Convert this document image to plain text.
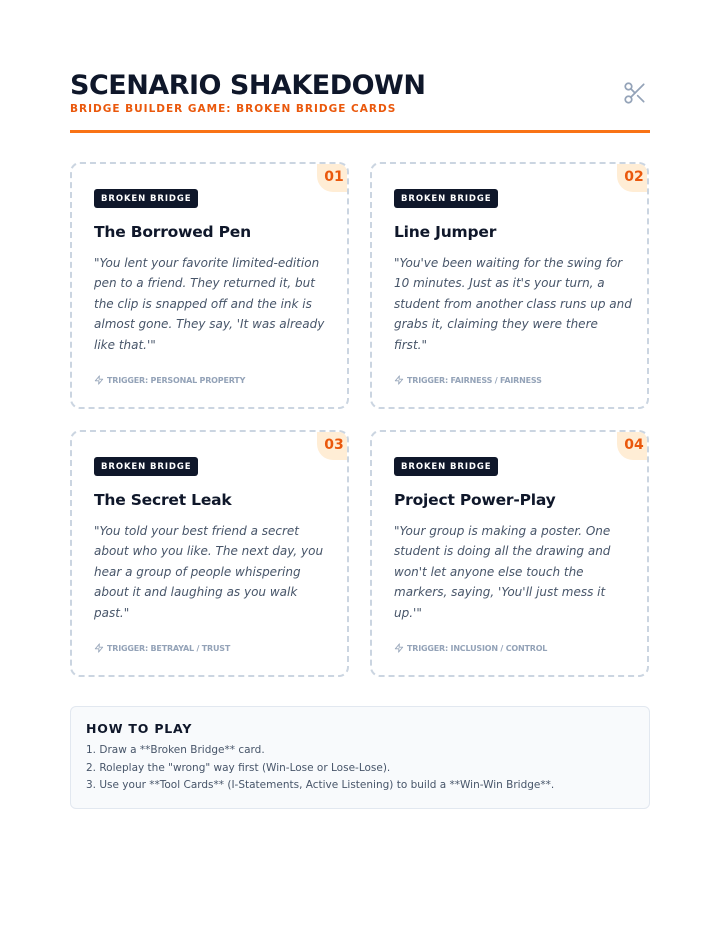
SCENARIO SHAKEDOWN
BRIDGE BUILDER GAME: BROKEN BRIDGE CARDS
01
BROKEN BRIDGE
The Borrowed Pen
"You lent your favorite limited-edition pen to a friend. They returned it, but the clip is snapped off and the ink is almost gone. They say, 'It was already like that.'"
TRIGGER: PERSONAL PROPERTY
02
BROKEN BRIDGE
Line Jumper
"You've been waiting for the swing for 10 minutes. Just as it's your turn, a student from another class runs up and grabs it, claiming they were there first."
TRIGGER: FAIRNESS / FAIRNESS
03
BROKEN BRIDGE
The Secret Leak
"You told your best friend a secret about who you like. The next day, you hear a group of people whispering about it and laughing as you walk past."
TRIGGER: BETRAYAL / TRUST
04
BROKEN BRIDGE
Project Power-Play
"Your group is making a poster. One student is doing all the drawing and won't let anyone else touch the markers, saying, 'You'll just mess it up.'"
TRIGGER: INCLUSION / CONTROL
HOW TO PLAY
1. Draw a **Broken Bridge** card.
2. Roleplay the "wrong" way first (Win-Lose or Lose-Lose).
3. Use your **Tool Cards** (I-Statements, Active Listening) to build a **Win-Win Bridge**.
